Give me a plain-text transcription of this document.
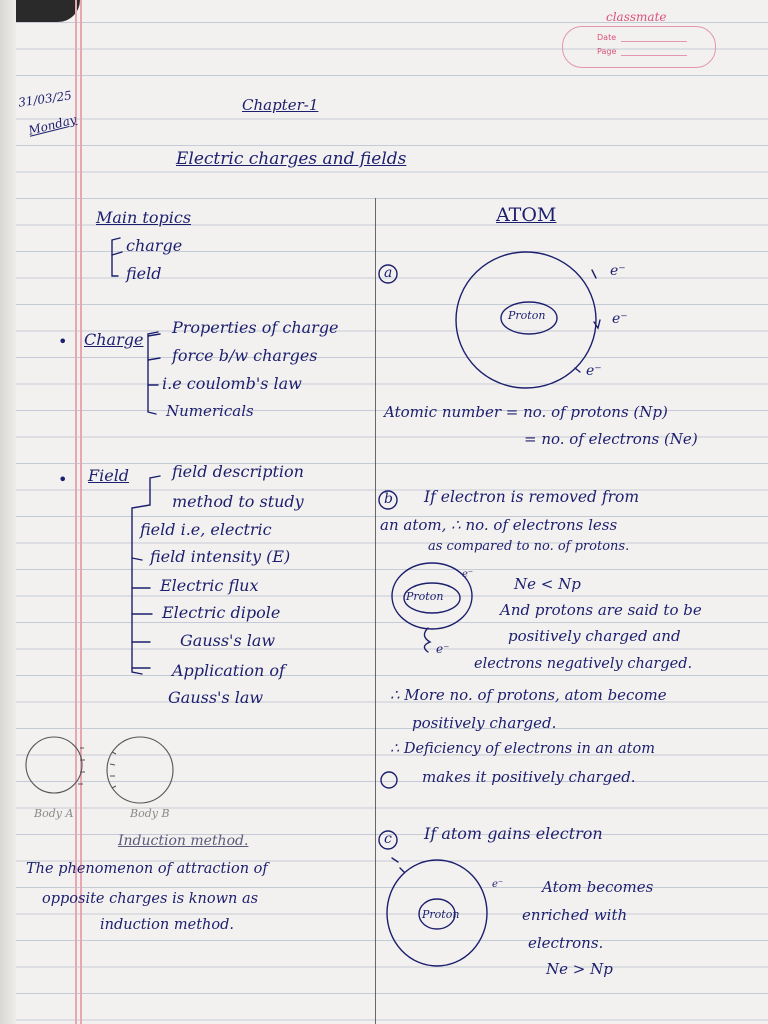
classmate
Date
Page
31/03/25
Monday
Chapter-1
Electric charges and fields
Main topics
charge
field
• Charge
Properties of charge
force b/w charges
i.e coulomb's law
Numericals
• Field	field description
method to study
field i.e, electric
field intensity (E)
Electric flux
Electric dipole
Gauss's law
Application of
Gauss's law
Body A	Body B
Induction method.
The phenomenon of attraction of
opposite charges is known as
induction method.
ATOM
a	e⁻
e⁻
e⁻
Proton
Atomic number = no. of protons (Np)
= no. of electrons (Ne)
b If electron is removed from
an atom, ∴ no. of electrons less
as compared to no. of protons.
Proton
e⁻
e⁻
Ne < Np
And protons are said to be
positively charged and
electrons negatively charged.
∴ More no. of protons, atom become
positively charged.
∴ Deficiency of electrons in an atom
makes it positively charged.
c If atom gains electron
e⁻
Proton
Atom becomes
enriched with
electrons.
Ne > Np
